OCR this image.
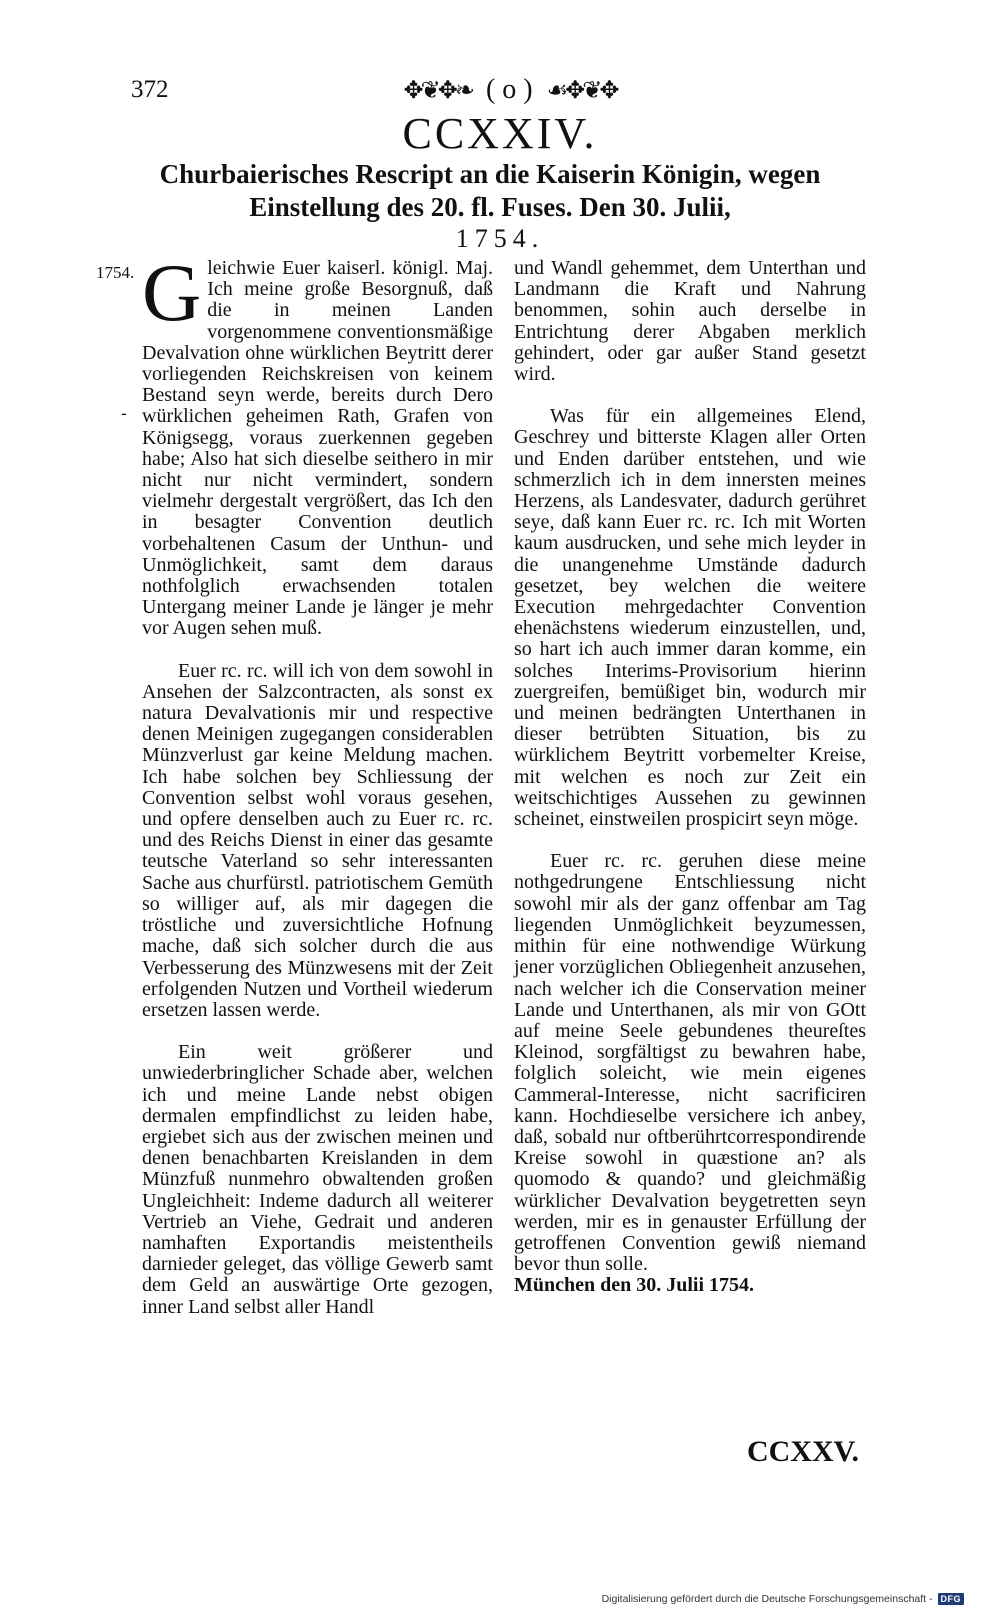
372	✥❦✥❧ ( o ) ☙✥❦✥
CCXXIV.
Churbaierisches Rescript an die Kaiserin Königin, wegen Einstellung des 20. fl. Fuses. Den 30. Julii,
1754.
1754.
-

Gleichwie Euer kaiserl. königl. Maj. Ich meine große Besorgnuß, daß die in meinen Landen vorgenommene conventionsmäßige Devalvation ohne würklichen Beytritt derer vorliegenden Reichskreisen von keinem Bestand seyn werde, bereits durch Dero würklichen geheimen Rath, Grafen von Königsegg, voraus zuerkennen gegeben habe; Also hat sich dieselbe seithero in mir nicht nur nicht vermindert, sondern vielmehr dergestalt vergrößert, das Ich den in besagter Convention deutlich vorbehaltenen Casum der Unthun- und Unmöglichkeit, samt dem daraus nothfolglich erwachsenden totalen Untergang meiner Lande je länger je mehr vor Augen sehen muß.

Euer rc. rc. will ich von dem sowohl in Ansehen der Salzcontracten, als sonst ex natura Devalvationis mir und respective denen Meinigen zugegangen considerablen Münzverlust gar keine Meldung machen. Ich habe solchen bey Schliessung der Convention selbst wohl voraus gesehen, und opfere denselben auch zu Euer rc. rc. und des Reichs Dienst in einer das gesamte teutsche Vaterland so sehr interessanten Sache aus churfürstl. patriotischem Gemüth so williger auf, als mir dagegen die tröstliche und zuversichtliche Hofnung mache, daß sich solcher durch die aus Verbesserung des Münzwesens mit der Zeit erfolgenden Nutzen und Vortheil wiederum ersetzen lassen werde.

Ein weit größerer und unwiederbringlicher Schade aber, welchen ich und meine Lande nebst obigen dermalen empfindlichst zu leiden habe, ergiebet sich aus der zwischen meinen und denen benachbarten Kreislanden in dem Münzfuß nunmehro obwaltenden großen Ungleichheit: Indeme dadurch all weiterer Vertrieb an Viehe, Gedrait und anderen namhaften Exportandis meistentheils darnieder geleget, das völlige Gewerb samt dem Geld an auswärtige Orte gezogen, inner Land selbst aller Handl

und Wandl gehemmet, dem Unterthan und Landmann die Kraft und Nahrung benommen, sohin auch derselbe in Entrichtung derer Abgaben merklich gehindert, oder gar außer Stand gesetzt wird.

Was für ein allgemeines Elend, Geschrey und bitterste Klagen aller Orten und Enden darüber entstehen, und wie schmerzlich ich in dem innersten meines Herzens, als Landesvater, dadurch gerühret seye, daß kann Euer rc. rc. Ich mit Worten kaum ausdrucken, und sehe mich leyder in die unangenehme Umstände dadurch gesetzet, bey welchen die weitere Execution mehrgedachter Convention ehenächstens wiederum einzustellen, und, so hart ich auch immer daran komme, ein solches Interims-Provisorium hierinn zuergreifen, bemüßiget bin, wodurch mir und meinen bedrängten Unterthanen in dieser betrübten Situation, bis zu würklichem Beytritt vorbemelter Kreise, mit welchen es noch zur Zeit ein weitschichtiges Aussehen zu gewinnen scheinet, einstweilen prospicirt seyn möge.

Euer rc. rc. geruhen diese meine nothgedrungene Entschliessung nicht sowohl mir als der ganz offenbar am Tag liegenden Unmöglichkeit beyzumessen, mithin für eine nothwendige Würkung jener vorzüglichen Obliegenheit anzusehen, nach welcher ich die Conservation meiner Lande und Unterthanen, als mir von GOtt auf meine Seele gebundenes theureſtes Kleinod, sorgfältigst zu bewahren habe, folglich soleicht, wie mein eigenes Cammeral-Interesse, nicht sacrificiren kann. Hochdieselbe versichere ich anbey, daß, sobald nur oftberührtcorrespondirende Kreise sowohl in quæstione an? als quomodo & quando? und gleichmäßig würklicher Devalvation beygetretten seyn werden, mir es in genauster Erfüllung der getroffenen Convention gewiß niemand bevor thun solle.
München den 30. Julii 1754.

CCXXV.
Digitalisierung gefördert durch die Deutsche Forschungsgemeinschaft - DFG
